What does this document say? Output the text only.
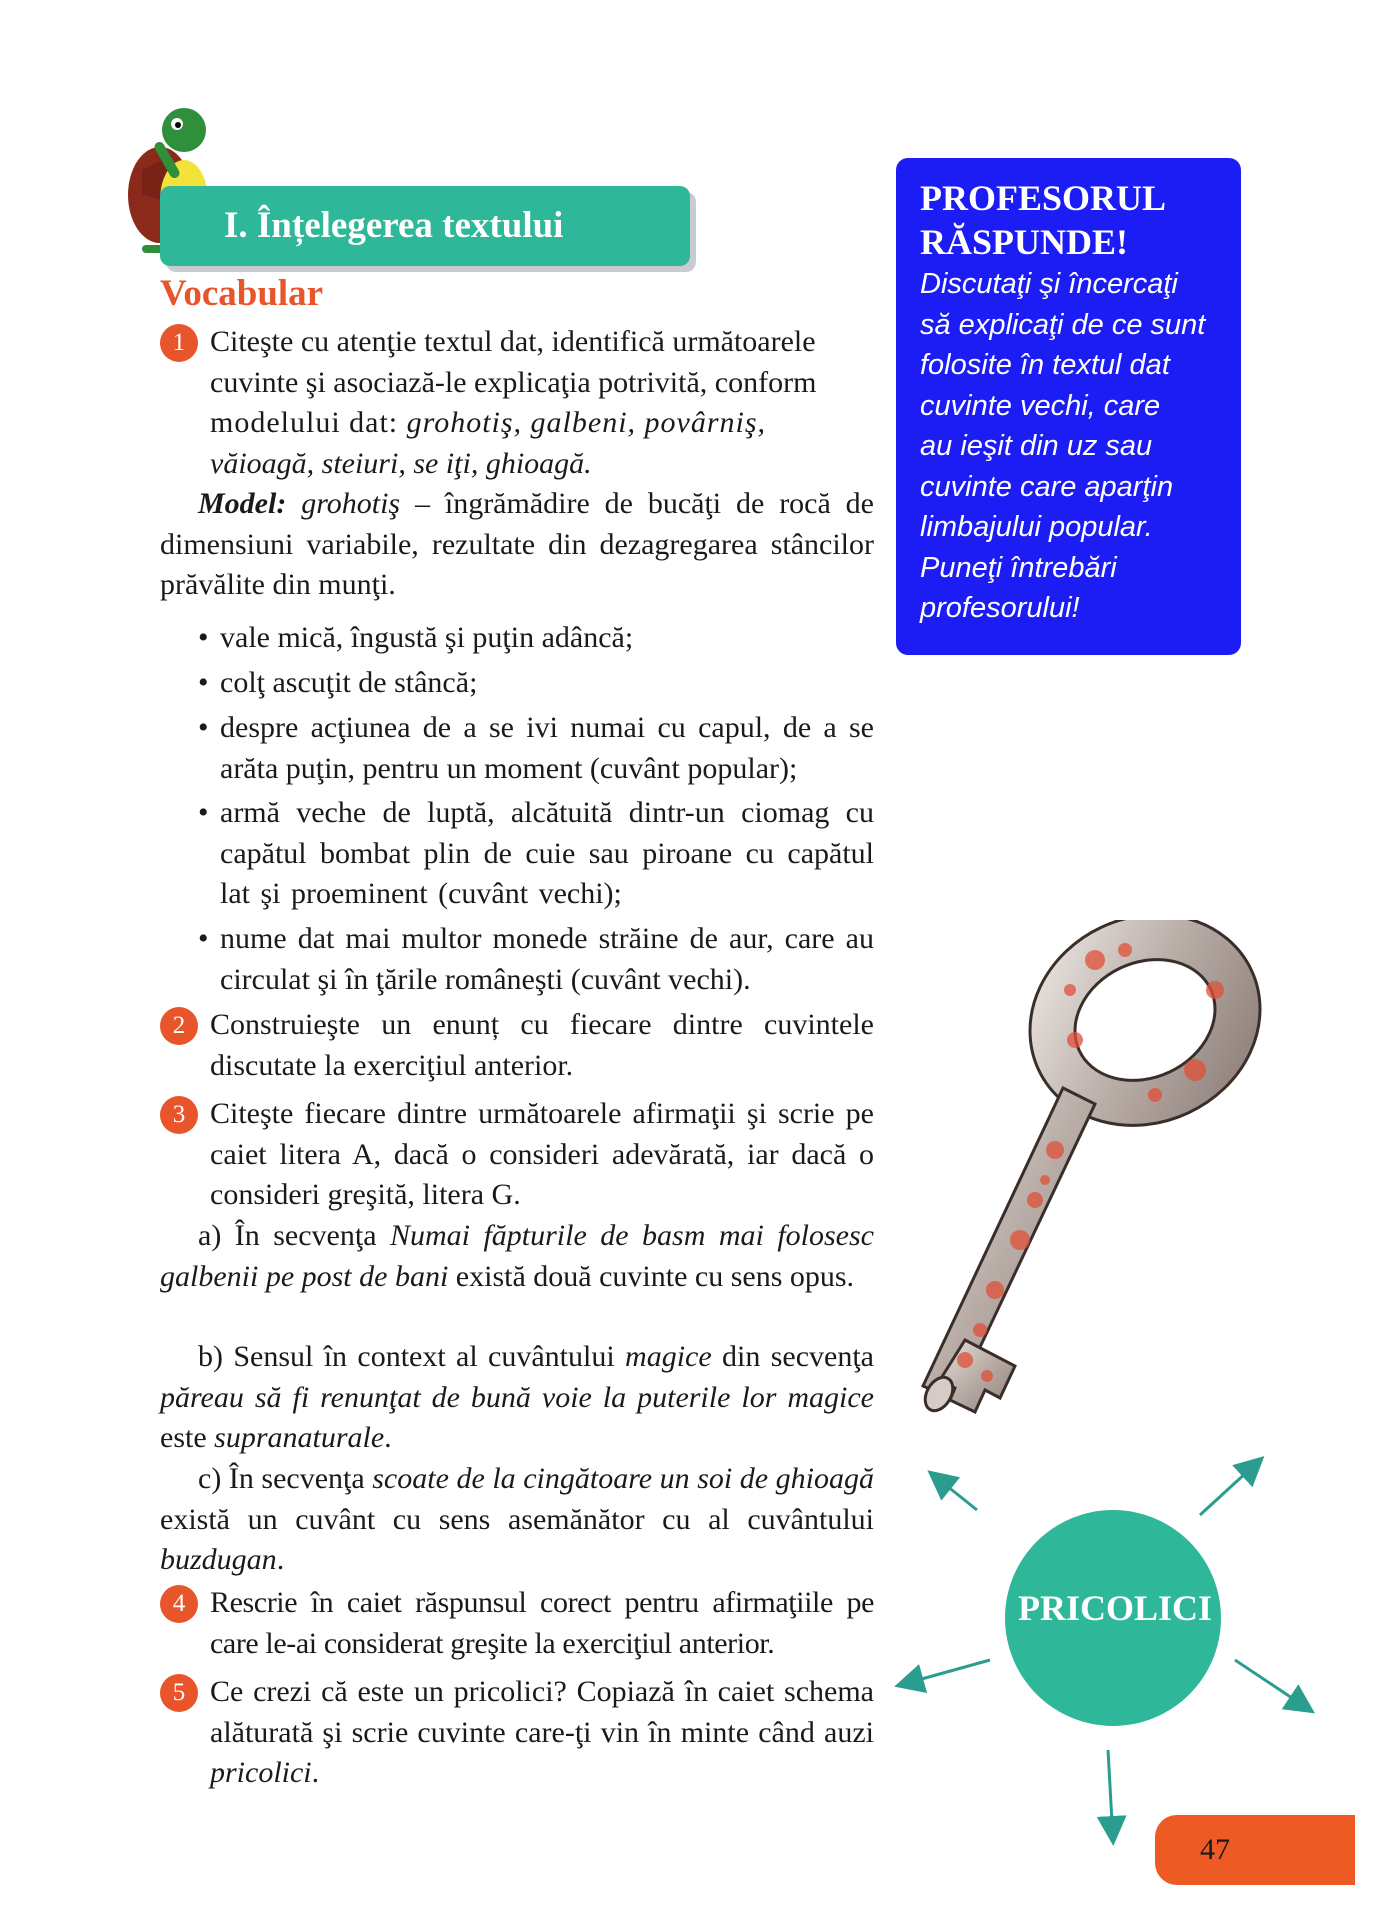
I. Înțelegerea textului
Vocabular
1 Citeşte cu atenţie textul dat, identifică următoarele
cuvinte şi asociază-le explicaţia potrivită, conform
modelului dat: grohotiş, galbeni, povârniş,
văioagă, steiuri, se iţi, ghioagă.
Model: grohotiş – îngrămădire de bucăţi de rocă de dimensiuni variabile, rezultate din dezagregarea stâncilor prăvălite din munţi.
• vale mică, îngustă şi puţin adâncă;
• colţ ascuţit de stâncă;
• despre acţiunea de a se ivi numai cu capul, de a se arăta puţin, pentru un moment (cuvânt popular);
• armă veche de luptă, alcătuită dintr-un ciomag cu capătul bombat plin de cuie sau piroane cu capătul lat şi proeminent (cuvânt vechi);
• nume dat mai multor monede străine de aur, care au circulat şi în ţările româneşti (cuvânt vechi).
2 Construieşte un enunț cu fiecare dintre cuvintele discutate la exerciţiul anterior.
3 Citeşte fiecare dintre următoarele afirmaţii şi scrie pe caiet litera A, dacă o consideri adevărată, iar dacă o consideri greşită, litera G.
a) În secvenţa Numai făpturile de basm mai folosesc galbenii pe post de bani există două cuvinte cu sens opus.
b) Sensul în context al cuvântului magice din secvenţa păreau să fi renunţat de bună voie la puterile lor magice este supranaturale.
c) În secvenţa scoate de la cingătoare un soi de ghioagă există un cuvânt cu sens asemănător cu al cuvântului buzdugan.
4 Rescrie în caiet răspunsul corect pentru afirmaţiile pe care le-ai considerat greşite la exerciţiul anterior.
5 Ce crezi că este un pricolici? Copiază în caiet schema alăturată şi scrie cuvinte care-ţi vin în minte când auzi pricolici.
PROFESORUL
RĂSPUNDE!
Discutaţi şi încercaţi
să explicaţi de ce sunt
folosite în textul dat
cuvinte vechi, care
au ieşit din uz sau
cuvinte care aparţin
limbajului popular.
Puneţi întrebări
profesorului!
PRICOLICI
47
